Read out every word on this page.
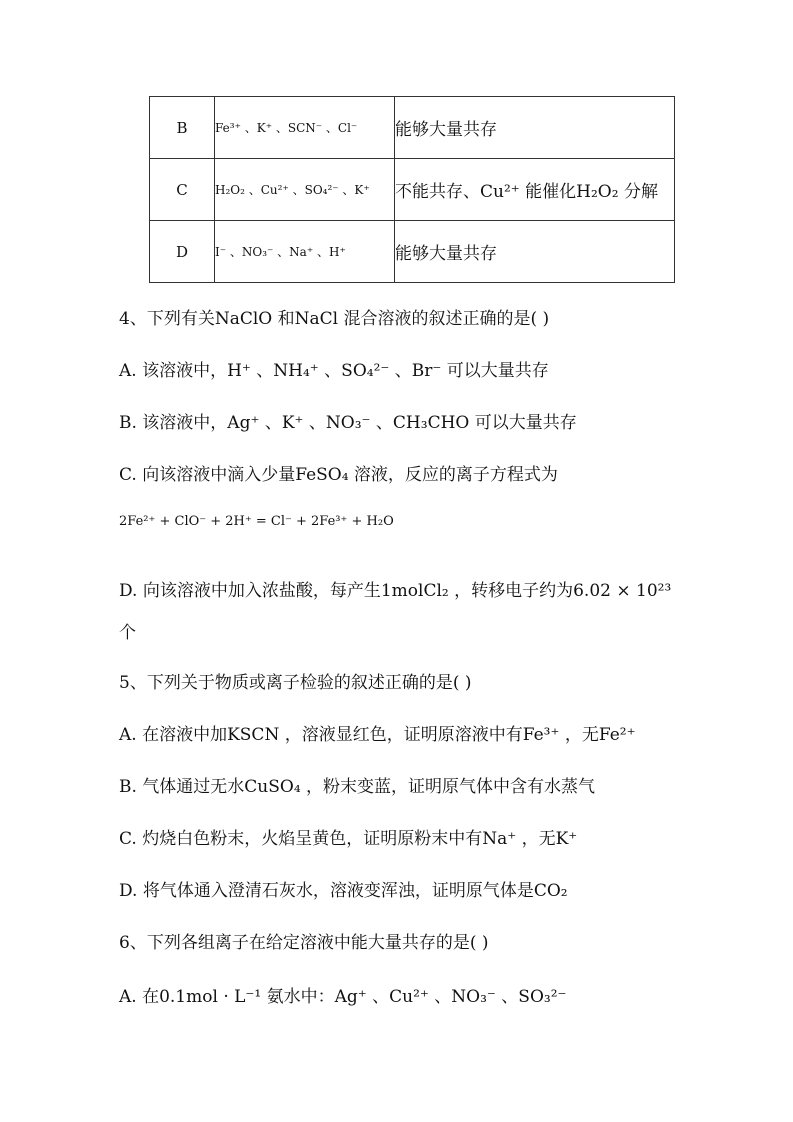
B	Fe³⁺ 、K⁺ 、SCN⁻ 、Cl⁻	能够大量共存
C	H₂O₂ 、Cu²⁺ 、SO₄²⁻ 、K⁺	不能共存、Cu²⁺ 能催化H₂O₂ 分解
D	I⁻ 、NO₃⁻ 、Na⁺ 、H⁺	能够大量共存
4、下列有关NaClO 和NaCl 混合溶液的叙述正确的是( )
A. 该溶液中，H⁺ 、NH₄⁺ 、SO₄²⁻ 、Br⁻ 可以大量共存
B. 该溶液中，Ag⁺ 、K⁺ 、NO₃⁻ 、CH₃CHO 可以大量共存
C. 向该溶液中滴入少量FeSO₄ 溶液，反应的离子方程式为
2Fe²⁺ + ClO⁻ + 2H⁺ = Cl⁻ + 2Fe³⁺ + H₂O
D. 向该溶液中加入浓盐酸，每产生1molCl₂ ，转移电子约为6.02 × 10²³
个
5、下列关于物质或离子检验的叙述正确的是( )
A. 在溶液中加KSCN ，溶液显红色，证明原溶液中有Fe³⁺ ，无Fe²⁺
B. 气体通过无水CuSO₄ ，粉末变蓝，证明原气体中含有水蒸气
C. 灼烧白色粉末，火焰呈黄色，证明原粉末中有Na⁺ ，无K⁺
D. 将气体通入澄清石灰水，溶液变浑浊，证明原气体是CO₂
6、下列各组离子在给定溶液中能大量共存的是( )
A. 在0.1mol · L⁻¹ 氨水中：Ag⁺ 、Cu²⁺ 、NO₃⁻ 、SO₃²⁻
